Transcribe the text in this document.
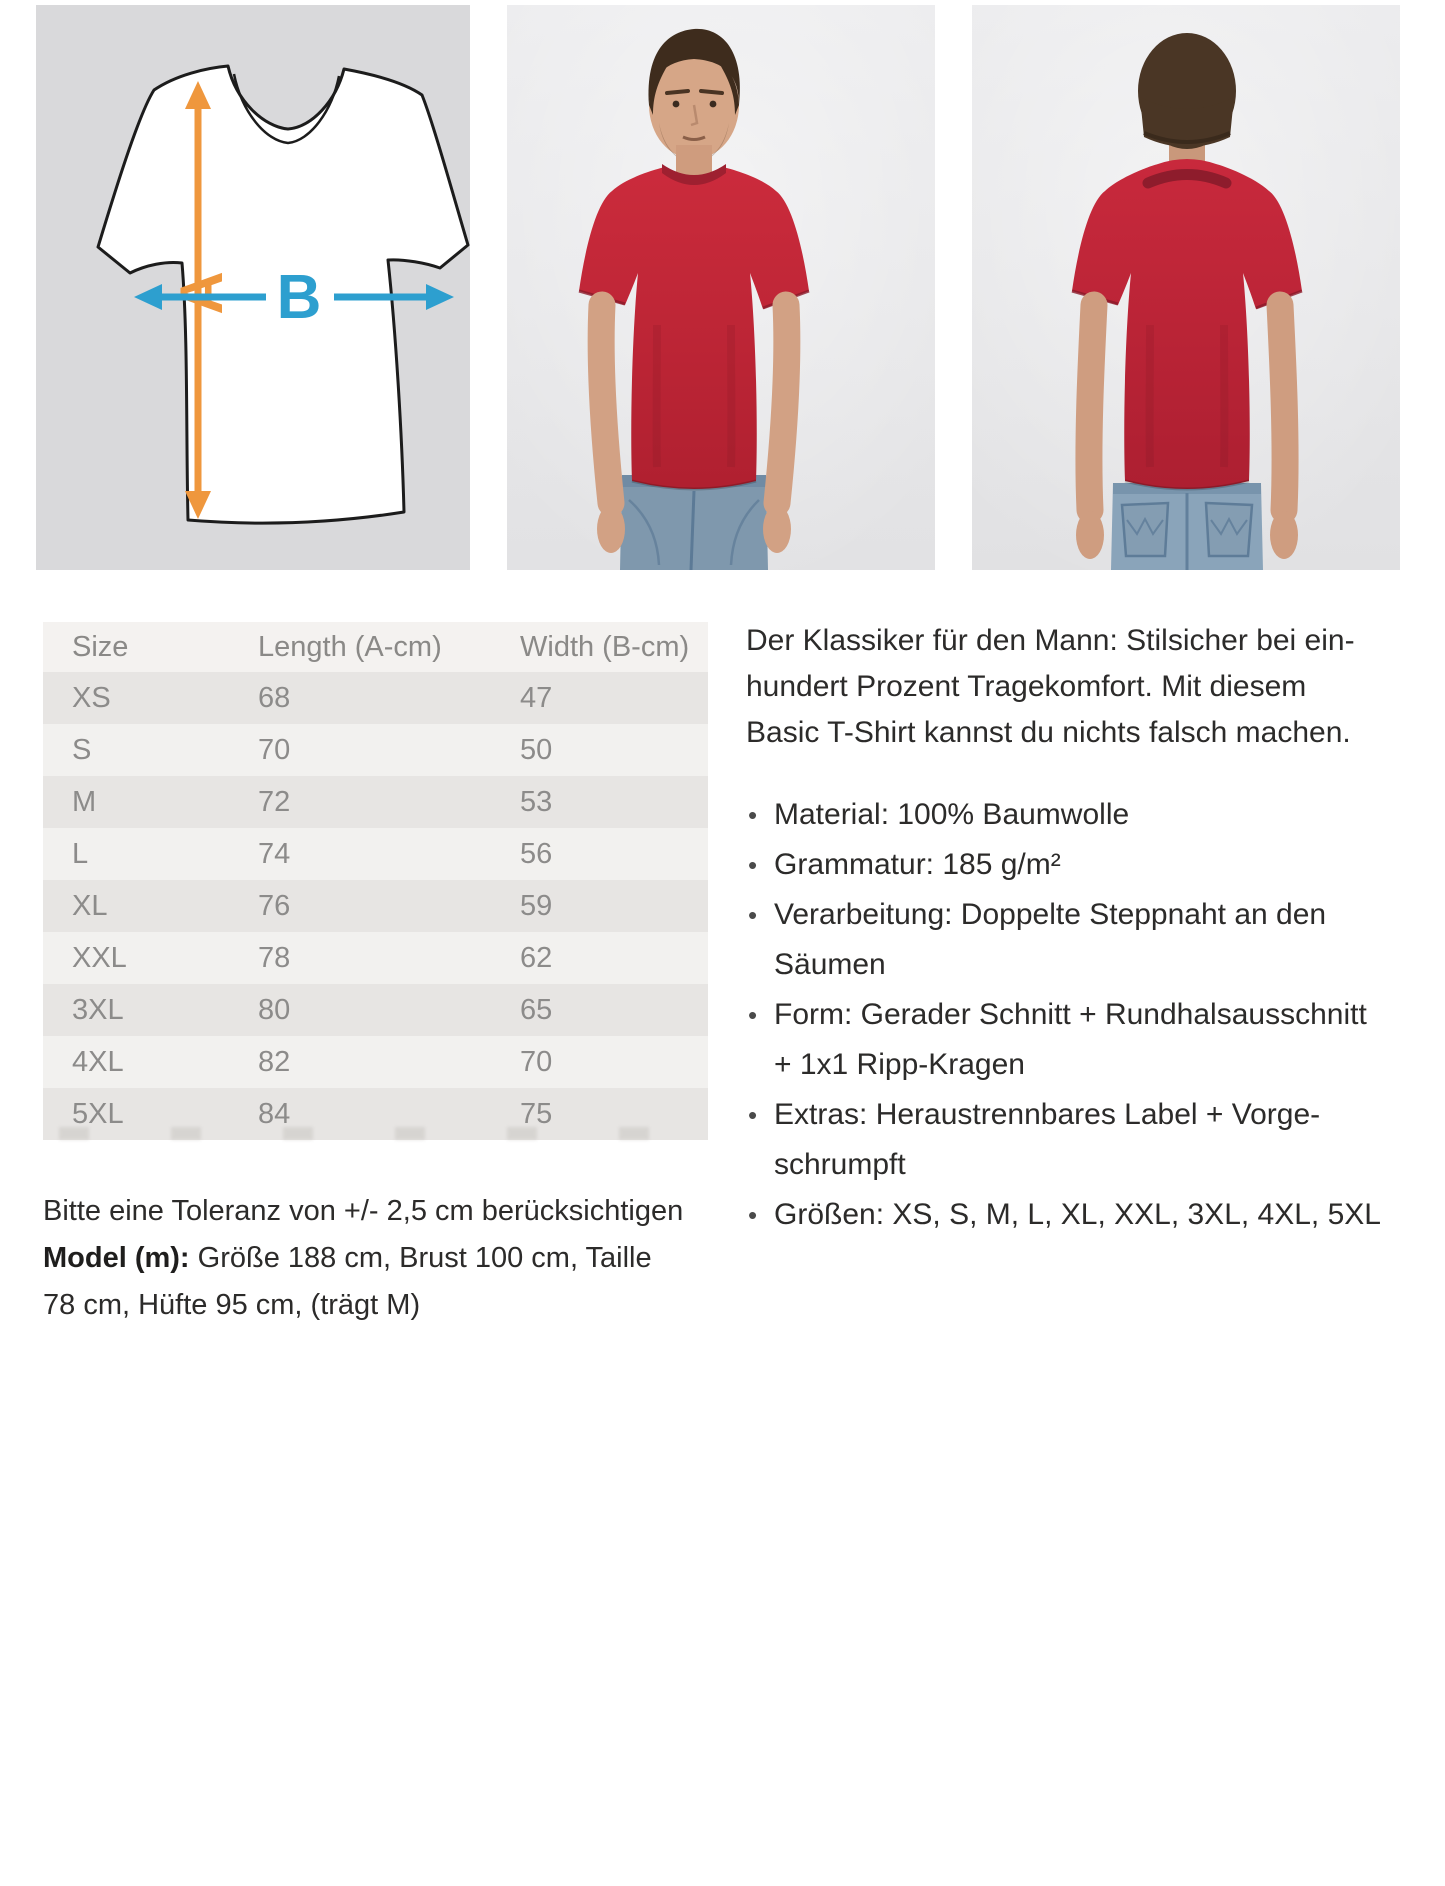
A B
Size	Length (A-cm)	Width (B-cm)
XS	68	47
S	70	50
M	72	53
L	74	56
XL	76	59
XXL	78	62
3XL	80	65
4XL	82	70
5XL	84	75

Der Klassiker für den Mann: Stilsicher bei ein-
hundert Prozent Tragekomfort. Mit diesem
Basic T-Shirt kannst du nichts falsch machen.

• Material: 100% Baumwolle
• Grammatur: 185 g/m²
• Verarbeitung: Doppelte Steppnaht an den
Säumen
• Form: Gerader Schnitt + Rundhalsausschnitt
+ 1x1 Ripp-Kragen
• Extras: Heraustrennbares Label + Vorge-
schrumpft
• Größen: XS, S, M, L, XL, XXL, 3XL, 4XL, 5XL
Bitte eine Toleranz von +/- 2,5 cm berücksichtigen
Model (m): Größe 188 cm, Brust 100 cm, Taille
78 cm, Hüfte 95 cm, (trägt M)
